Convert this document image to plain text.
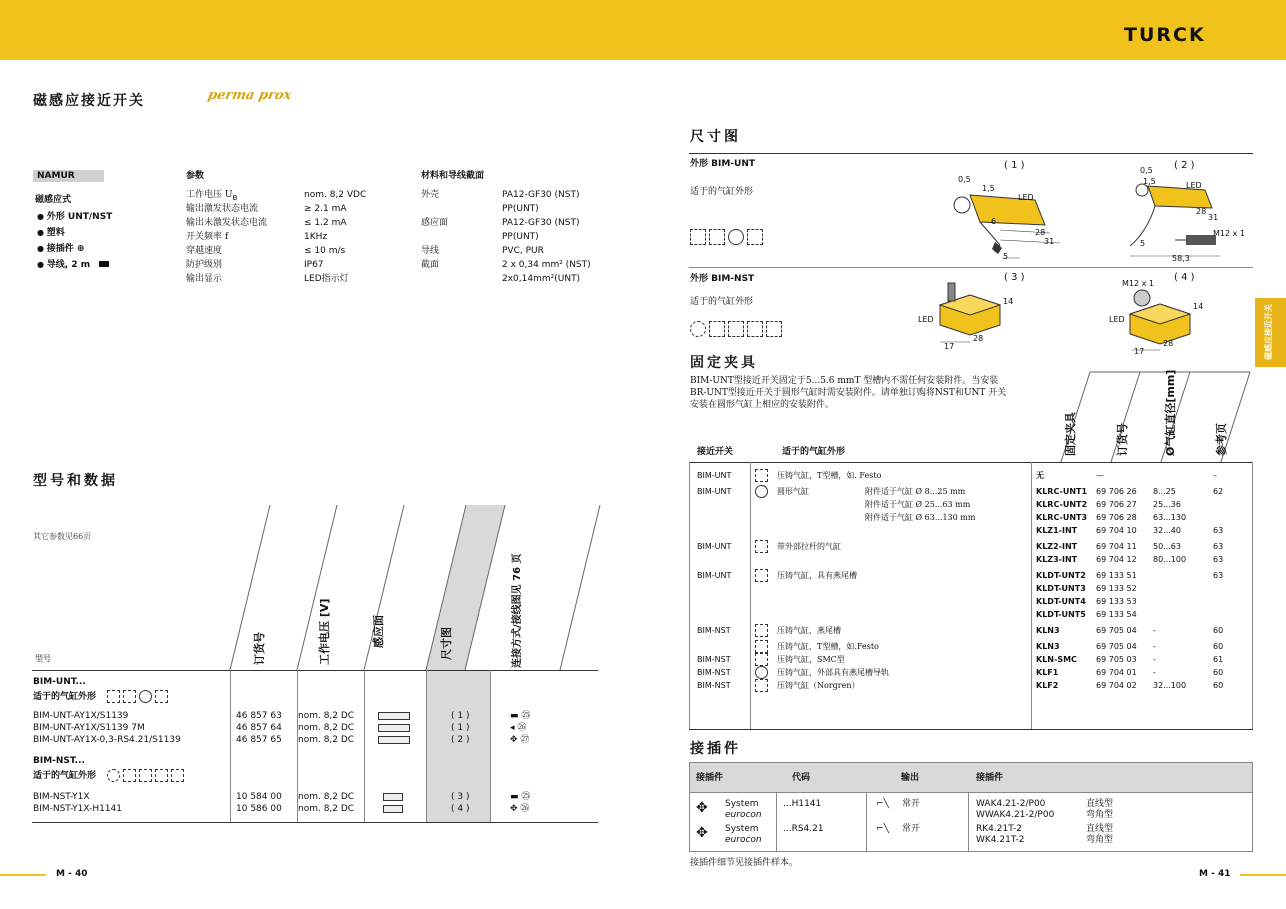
TURCK
磁感应接近开关	perma prox
NAMUR
磁感应式
● 外形 UNT/NST
● 塑料
● 接插件 ⊕
● 导线, 2 m
参数
工作电压 $U_B$	nom. 8,2 VDC
输出激发状态电流	≥ 2.1 mA
输出未激发状态电流	≤ 1.2 mA
开关频率 f	1KHz
穿越速度	≤ 10 m/s
防护级别	IP67
输出显示	LED指示灯
材料和导线截面
外壳	PA12-GF30 (NST)
PP(UNT)
感应面	PA12-GF30 (NST)
PP(UNT)
导线	PVC, PUR
截面	2 x 0,34 mm² (NST)
2x0,14mm²(UNT)
型号和数据
其它参数见66页
订货号	工作电压 [V]	感应面	尺寸图	连接方式/接线图见 76 页
型号
BIM-UNT...
适于的气缸外形
BIM-UNT-AY1X/S1139	46 857 63 nom. 8,2 DC	( 1 )	▬ ㉕
BIM-UNT-AY1X/S1139 7M	46 857 64 nom. 8,2 DC	( 1 )	◂ ㉖
BIM-UNT-AY1X-0,3-RS4.21/S1139	46 857 65 nom. 8,2 DC	( 2 )	✥ ㉗
BIM-NST...
适于的气缸外形
BIM-NST-Y1X	10 584 00 nom. 8,2 DC	( 3 )	▬ ㉕
BIM-NST-Y1X-H1141	10 586 00 nom. 8,2 DC	( 4 )	✥ ㉖
M - 40
尺寸图
外形 BIM-UNT
适于的气缸外形
( 1 )	( 2 )
0,5
1,5
LED
6
28
31
5
0,5
1,5	LED
28
31
M12 x 1
5
58,3
外形 BIM-NST
适于的气缸外形
( 3 )	( 4 )
LED
14
17
28
M12 x 1
LED
14
17
28
固定夹具
BIM-UNT型接近开关固定于5...5.6 mmT 型槽内不需任何安装附件。当安装
BR-UNT型接近开关于圆形气缸时需安装附件。请单独订购将NST和UNT 开关
安装在圆形气缸上相应的安装附件。
固定夹具	订货号	Ø气缸直径[mm]	参考页
接近开关	适于的气缸外形
BIM-UNT	压铸气缸，T型槽，如. Festo	无	—	–
BIM-UNT	圆形气缸	附件适于气缸 Ø 8...25 mm	KLRC-UNT1 69 706 26 8...25	62
附件适于气缸 Ø 25...63 mm	KLRC-UNT2 69 706 27 25...36
附件适于气缸 Ø 63...130 mm	KLRC-UNT3 69 706 28 63...130
KLZ1-INT 69 704 10 32...40	63
BIM-UNT	带外部拉杆的气缸	KLZ2-INT 69 704 11 50...63	63
KLZ3-INT 69 704 12 80...100	63
BIM-UNT	压铸气缸，具有燕尾槽	KLDT-UNT2 69 133 51	63
KLDT-UNT3 69 133 52
KLDT-UNT4 69 133 53
KLDT-UNT5 69 133 54
BIM-NST	压铸气缸，燕尾槽	KLN3	69 705 04 -	60
压铸气缸，T型槽，如.Festo	KLN3	69 705 04 -	60
BIM-NST	压铸气缸，SMC型	KLN-SMC 69 705 03 -	61
BIM-NST	压铸气缸，外部具有燕尾槽导轨	KLF1	69 704 01 -	60
BIM-NST	压铸气缸（Norgren）	KLF2	69 704 02 32...100	60
接插件
接插件	代码	输出	接插件
✥ System
eurocon
...H1141	⌐╲ 常开	WAK4.21-2/P00	直线型
WWAK4.21-2/P00	弯角型
✥ System
eurocon
...RS4.21	⌐╲ 常开	RK4.21T-2	直线型
WK4.21T-2	弯角型
接插件细节见接插件样本。
M - 41
磁感应接近开关
